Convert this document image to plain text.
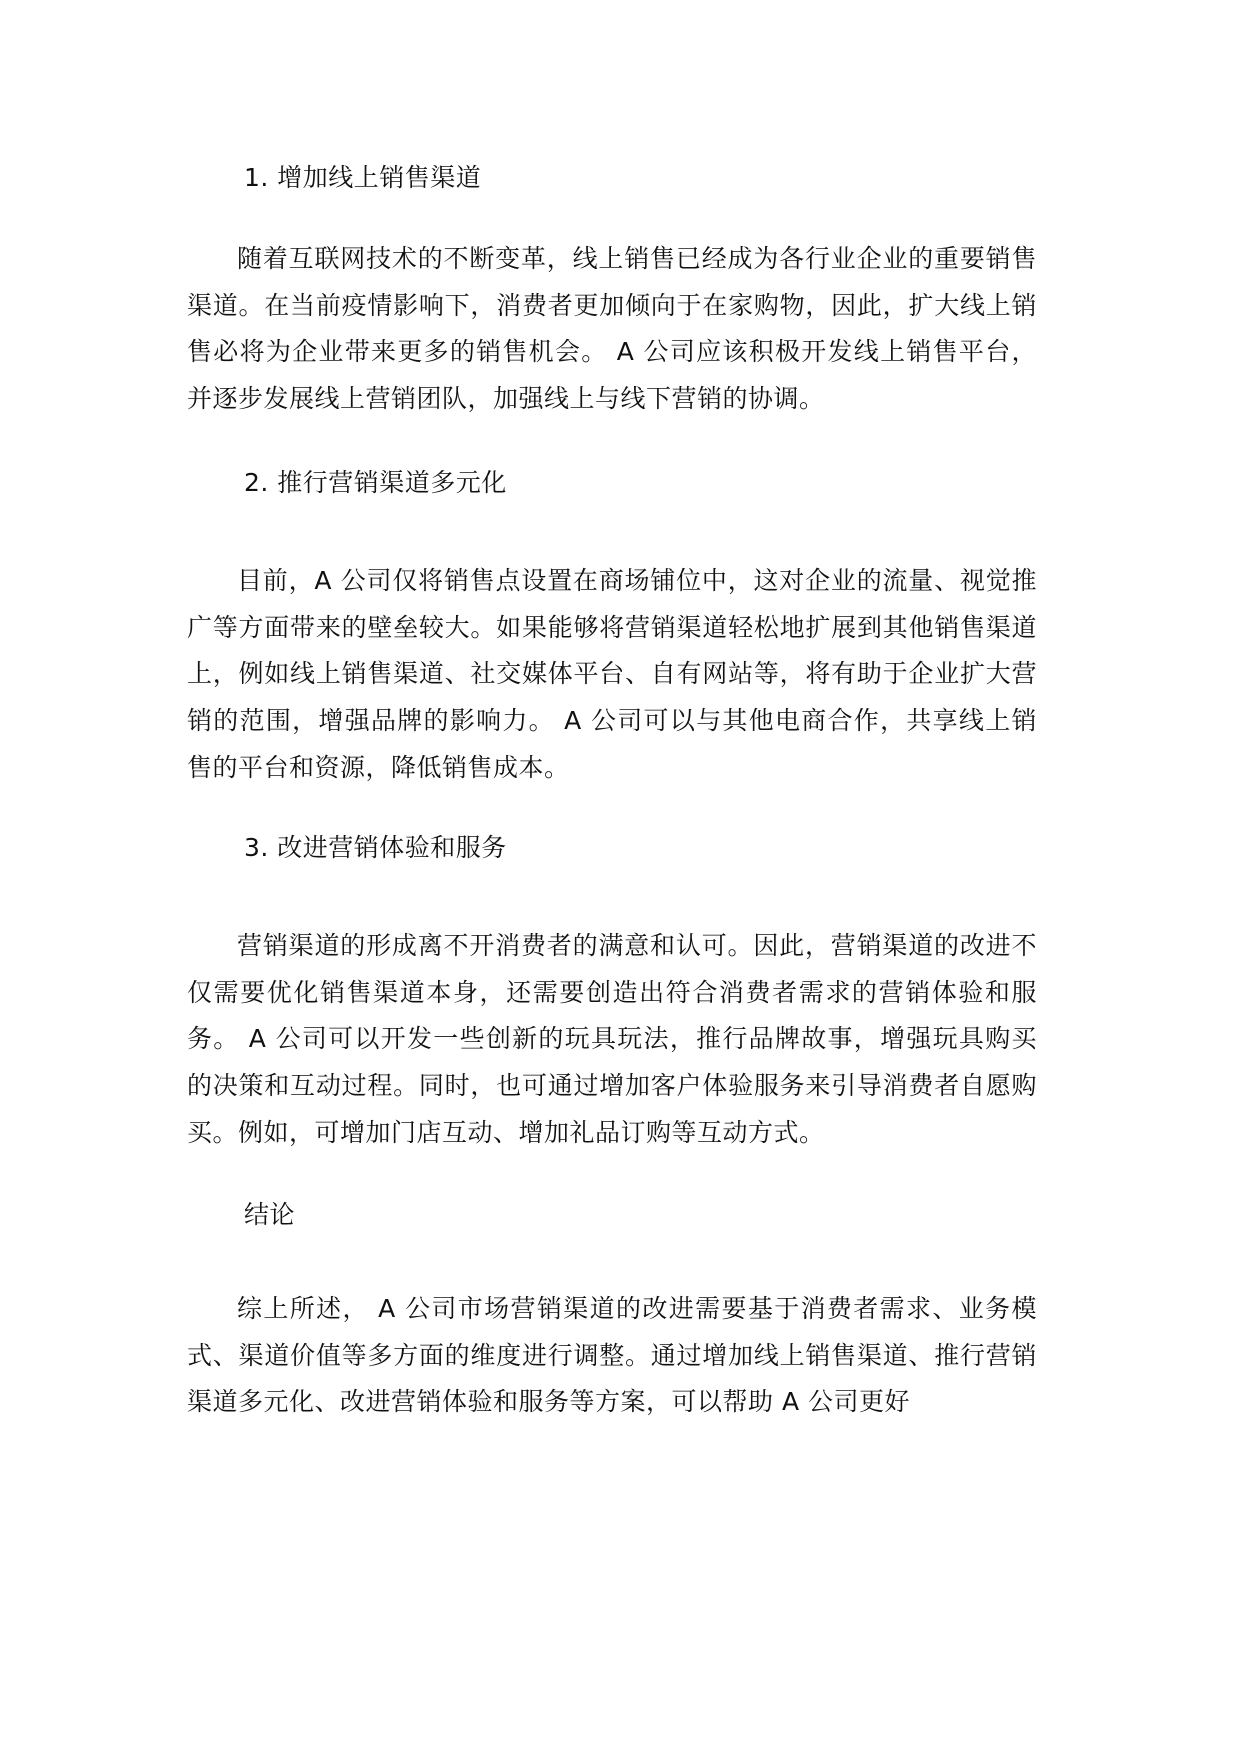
1. 增加线上销售渠道

随着互联网技术的不断变革，线上销售已经成为各行业企业的重要销售渠道。在当前疫情影响下，消费者更加倾向于在家购物，因此，扩大线上销售必将为企业带来更多的销售机会。 A 公司应该积极开发线上销售平台，并逐步发展线上营销团队，加强线上与线下营销的协调。

2. 推行营销渠道多元化

目前，A 公司仅将销售点设置在商场铺位中，这对企业的流量、视觉推广等方面带来的壁垒较大。如果能够将营销渠道轻松地扩展到其他销售渠道上，例如线上销售渠道、社交媒体平台、自有网站等，将有助于企业扩大营销的范围，增强品牌的影响力。 A 公司可以与其他电商合作，共享线上销售的平台和资源，降低销售成本。

3. 改进营销体验和服务

营销渠道的形成离不开消费者的满意和认可。因此，营销渠道的改进不仅需要优化销售渠道本身，还需要创造出符合消费者需求的营销体验和服务。 A 公司可以开发一些创新的玩具玩法，推行品牌故事，增强玩具购买的决策和互动过程。同时，也可通过增加客户体验服务来引导消费者自愿购买。例如，可增加门店互动、增加礼品订购等互动方式。

结论

综上所述， A 公司市场营销渠道的改进需要基于消费者需求、业务模式、渠道价值等多方面的维度进行调整。通过增加线上销售渠道、推行营销渠道多元化、改进营销体验和服务等方案，可以帮助 A 公司更好
